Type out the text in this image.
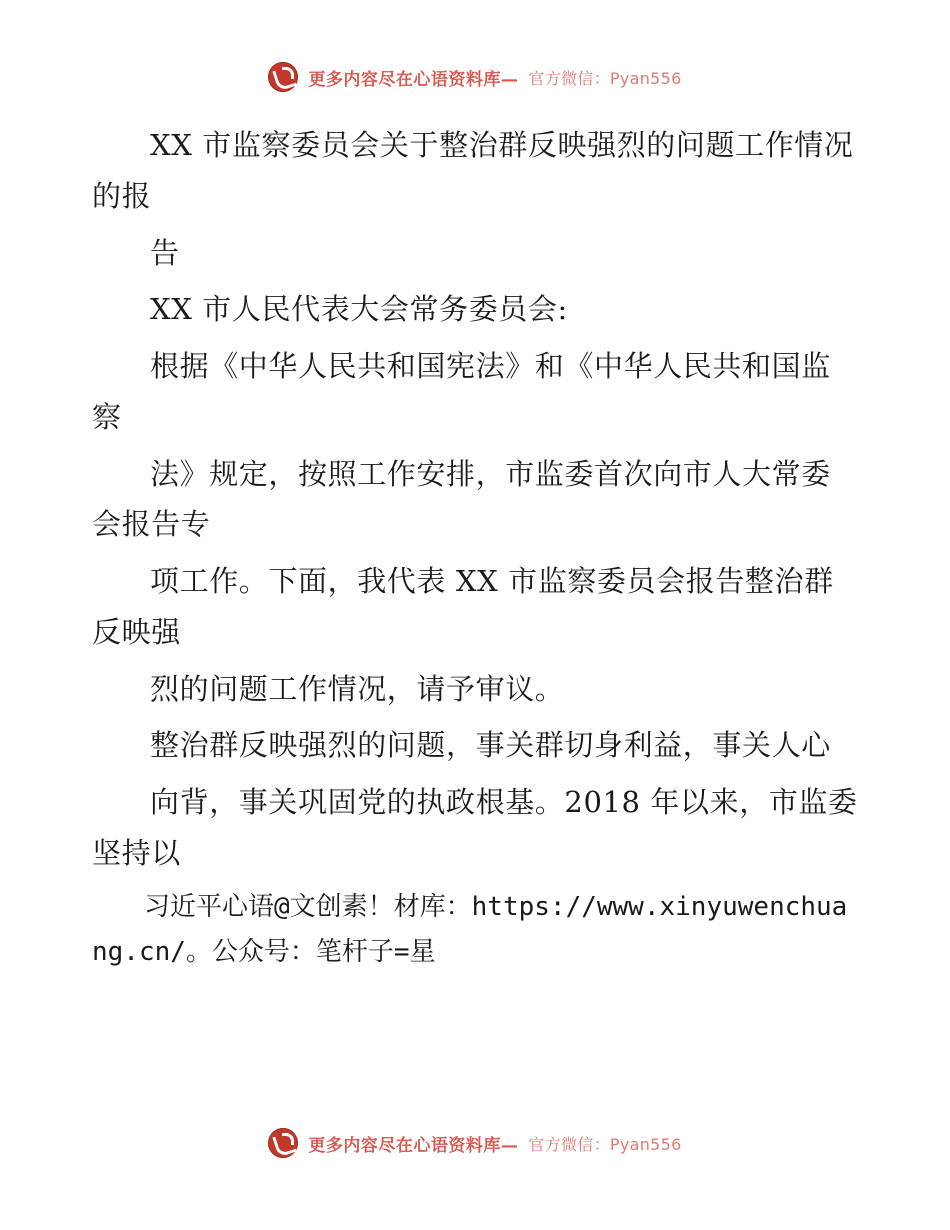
更多内容尽在心语资料库— 官方微信：Pyan556

XX 市监察委员会关于整治群反映强烈的问题工作情况的报

告

XX 市人民代表大会常务委员会:

根据《中华人民共和国宪法》和《中华人民共和国监察

法》规定，按照工作安排，市监委首次向市人大常委会报告专

项工作。下面，我代表 XX 市监察委员会报告整治群反映强

烈的问题工作情况，请予审议。

整治群反映强烈的问题，事关群切身利益，事关人心

向背，事关巩固党的执政根基。2018 年以来，市监委坚持以

习近平心语@文创素！材库：https://www.xinyuwenchuang.cn/。公众号：笔杆子=星

更多内容尽在心语资料库— 官方微信：Pyan556
